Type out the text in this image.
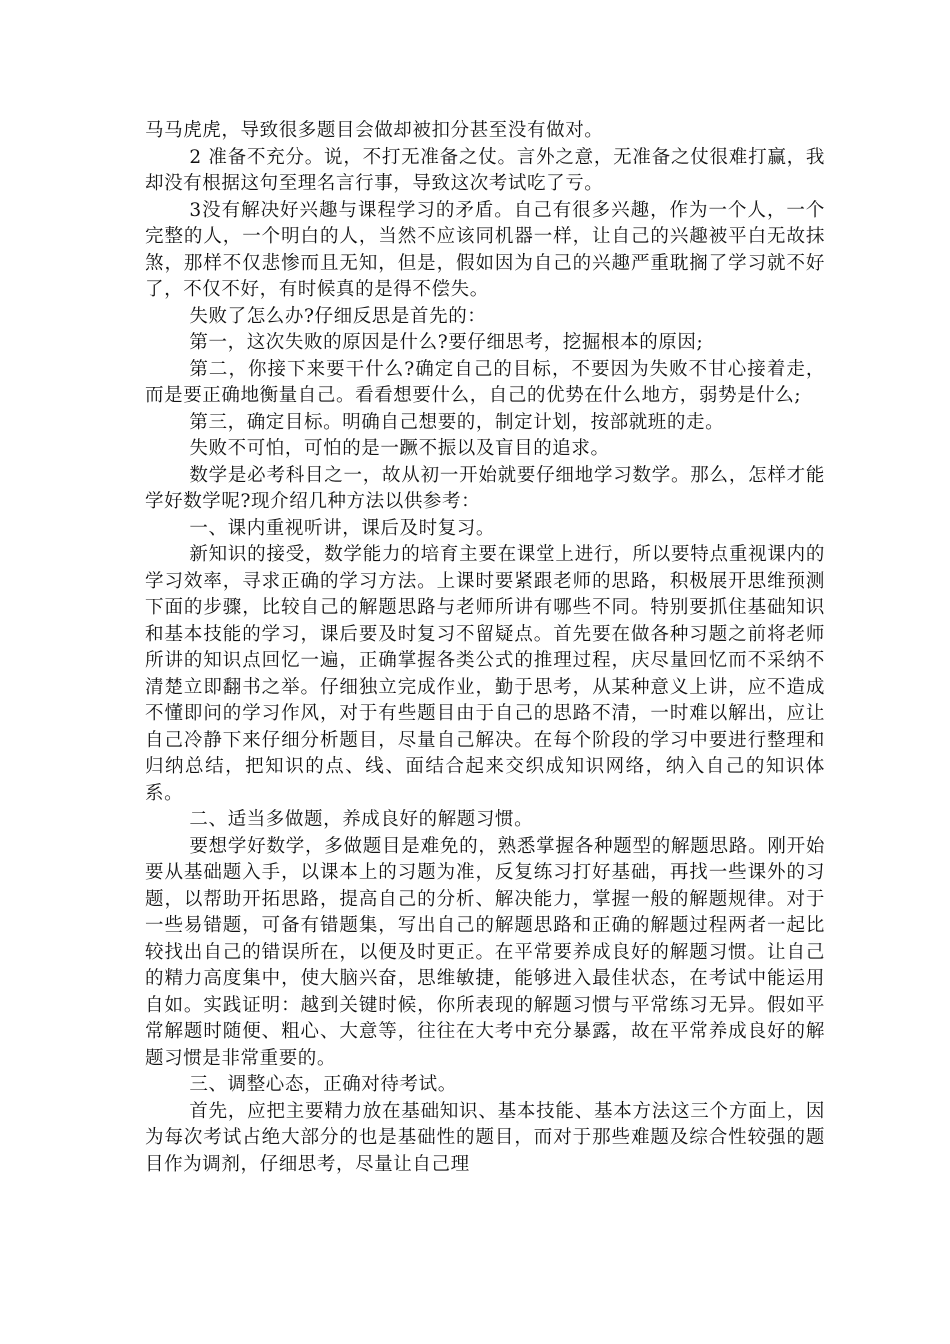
马马虎虎，导致很多题目会做却被扣分甚至没有做对。

2 准备不充分。说，不打无准备之仗。言外之意，无准备之仗很难打赢，我却没有根据这句至理名言行事，导致这次考试吃了亏。

3没有解决好兴趣与课程学习的矛盾。自己有很多兴趣，作为一个人，一个完整的人，一个明白的人，当然不应该同机器一样，让自己的兴趣被平白无故抹煞，那样不仅悲惨而且无知，但是，假如因为自己的兴趣严重耽搁了学习就不好了，不仅不好，有时候真的是得不偿失。

失败了怎么办?仔细反思是首先的：

第一，这次失败的原因是什么?要仔细思考，挖掘根本的原因;

第二，你接下来要干什么?确定自己的目标，不要因为失败不甘心接着走，而是要正确地衡量自己。看看想要什么，自己的优势在什么地方，弱势是什么;

第三，确定目标。明确自己想要的，制定计划，按部就班的走。

失败不可怕，可怕的是一蹶不振以及盲目的追求。

数学是必考科目之一，故从初一开始就要仔细地学习数学。那么，怎样才能学好数学呢?现介绍几种方法以供参考：

一、课内重视听讲，课后及时复习。

新知识的接受，数学能力的培育主要在课堂上进行，所以要特点重视课内的学习效率，寻求正确的学习方法。上课时要紧跟老师的思路，积极展开思维预测下面的步骤，比较自己的解题思路与老师所讲有哪些不同。特别要抓住基础知识和基本技能的学习，课后要及时复习不留疑点。首先要在做各种习题之前将老师所讲的知识点回忆一遍，正确掌握各类公式的推理过程，庆尽量回忆而不采纳不清楚立即翻书之举。仔细独立完成作业，勤于思考，从某种意义上讲，应不造成不懂即问的学习作风，对于有些题目由于自己的思路不清，一时难以解出，应让自己冷静下来仔细分析题目，尽量自己解决。在每个阶段的学习中要进行整理和归纳总结，把知识的点、线、面结合起来交织成知识网络，纳入自己的知识体系。

二、适当多做题，养成良好的解题习惯。

要想学好数学，多做题目是难免的，熟悉掌握各种题型的解题思路。刚开始要从基础题入手，以课本上的习题为准，反复练习打好基础，再找一些课外的习题，以帮助开拓思路，提高自己的分析、解决能力，掌握一般的解题规律。对于一些易错题，可备有错题集，写出自己的解题思路和正确的解题过程两者一起比较找出自己的错误所在，以便及时更正。在平常要养成良好的解题习惯。让自己的精力高度集中，使大脑兴奋，思维敏捷，能够进入最佳状态，在考试中能运用自如。实践证明：越到关键时候，你所表现的解题习惯与平常练习无异。假如平常解题时随便、粗心、大意等，往往在大考中充分暴露，故在平常养成良好的解题习惯是非常重要的。

三、调整心态，正确对待考试。

首先，应把主要精力放在基础知识、基本技能、基本方法这三个方面上，因为每次考试占绝大部分的也是基础性的题目，而对于那些难题及综合性较强的题目作为调剂，仔细思考，尽量让自己理
